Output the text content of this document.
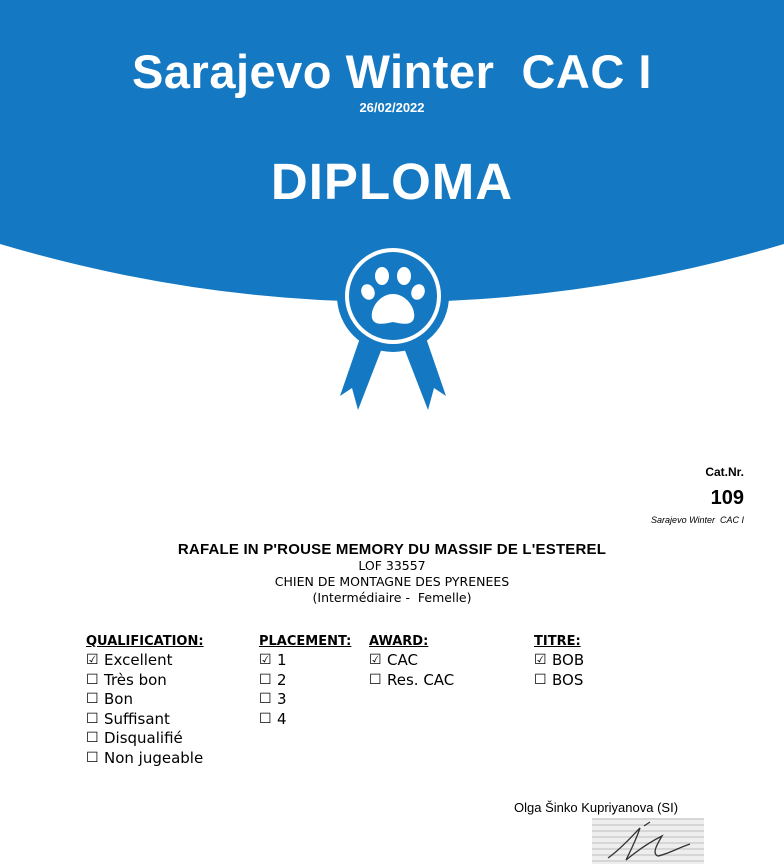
Sarajevo Winter  CAC I
26/02/2022
DIPLOMA
Cat.Nr.
109
Sarajevo Winter  CAC I
RAFALE IN P'ROUSE MEMORY DU MASSIF DE L'ESTEREL
LOF 33557
CHIEN DE MONTAGNE DES PYRENEES
(Intermédiaire -  Femelle)
QUALIFICATION:
☑ Excellent
☐ Très bon
☐ Bon
☐ Suffisant
☐ Disqualifié
☐ Non jugeable
PLACEMENT:
☑ 1
☐ 2
☐ 3
☐ 4
AWARD:
☑ CAC
☐ Res. CAC
TITRE:
☑ BOB
☐ BOS
Olga Šinko Kupriyanova (SI)
